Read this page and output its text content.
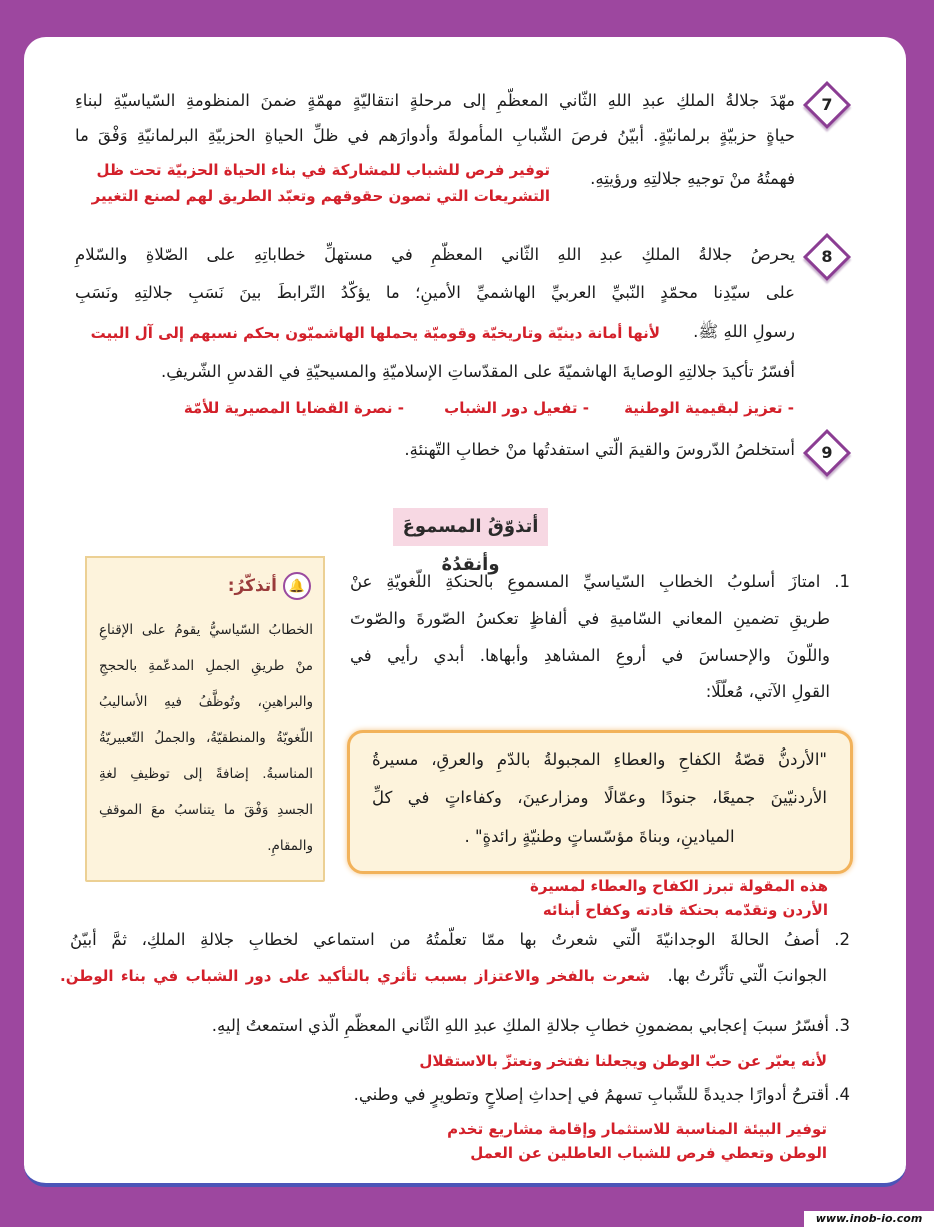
7
مهّدَ جلالةُ الملكِ عبدِ اللهِ الثّاني المعظّمِ إلى مرحلةٍ انتقاليّةٍ مهمّةٍ ضمنَ المنظومةِ السّياسيّةِ لبناءِ
حياةٍ حزبيّةٍ برلمانيّةٍ. أبيّنُ فرصَ الشّبابِ المأمولةَ وأدوارَهم في ظلِّ الحياةِ الحزبيّةِ البرلمانيّةِ وَفْقَ ما
فهمتُهُ منْ توجيهِ جلالتِهِ ورؤيتِهِ.
توفير فرص للشباب للمشاركة في بناء الحياة الحزبيّة تحت ظل
التشريعات التي تصون حقوقهم وتعبّد الطريق لهم لصنع التغيير
8
يحرصُ جلالةُ الملكِ عبدِ اللهِ الثّاني المعظّمِ في مستهلِّ خطاباتِهِ على الصّلاةِ والسّلامِ
على سيّدِنا محمّدٍ النّبيِّ العربيِّ الهاشميِّ الأمينِ؛ ما يؤكّدُ التّرابطَ بينَ نَسَبِ جلالتِهِ ونَسَبِ
رسولِ اللهِ ﷺ.
لأنها أمانة دينيّة وتاريخيّة وقوميّة يحملها الهاشميّون بحكم نسبهم إلى آل البيت
أفسّرُ تأكيدَ جلالتِهِ الوصايةَ الهاشميّةَ على المقدّساتِ الإسلاميّةِ والمسيحيّةِ في القدسِ الشّريفِ.
- تعزيز لبقيمية الوطنية
- تفعيل دور الشباب
- نصرة القضايا المصيرية للأمّة
9
أستخلصُ الدّروسَ والقيمَ الّتي استفدتُها منْ خطابِ التّهنئةِ.
أتذوّقُ المسموعَ وأنقدُهُ
🔔
أتذكّرُ:
الخطابُ السّياسيُّ يقومُ على الإقناعِ
منْ طريقِ الجملِ المدعّمةِ بالحججِ
والبراهينِ، وتُوظَّفُ فيهِ الأساليبُ
اللّغويّةُ والمنطقيّةُ، والجملُ التّعبيريّةُ
المناسبةُ. إضافةً إلى توظيفِ لغةِ
الجسدِ وَفْقَ ما يتناسبُ معَ الموقفِ
والمقامِ.
1. امتازَ أسلوبُ الخطابِ السّياسيِّ المسموعِ بالحنكةِ اللّغويّةِ عنْ
طريقِ تضمينِ المعاني السّاميةِ في ألفاظٍ تعكسُ الصّورةَ والصّوتَ
واللّونَ والإحساسَ في أروعِ المشاهدِ وأبهاها. أبدي رأيي في
القولِ الآتي، مُعلّلًا:
"الأردنُّ قصّةُ الكفاحِ والعطاءِ المجبولةُ بالدّمِ والعرقِ، مسيرةُ
الأردنيّينَ جميعًا، جنودًا وعمّالًا ومزارعينَ، وكفاءاتٍ في كلِّ
الميادينِ، وبناةَ مؤسّساتٍ وطنيّةٍ رائدةٍ" .
هذه المقولة تبرز الكفاح والعطاء لمسيرة
الأردن وتقدّمه بحنكة قادته وكفاح أبنائه
2. أصفُ الحالةَ الوجدانيّةَ الّتي شعرتُ بها ممّا تعلّمتُهُ من استماعي لخطابِ جلالةِ الملكِ، ثمَّ أبيّنُ
الجوانبَ الّتي تأثّرتُ بها.
شعرت بالفخر والاعتزاز بسبب تأثري بالتأكيد على دور الشباب في بناء الوطن.
3. أفسّرُ سببَ إعجابي بمضمونِ خطابِ جلالةِ الملكِ عبدِ اللهِ الثّاني المعظّمِ الّذي استمعتُ إليهِ.
لأنه يعبّر عن حبّ الوطن ويجعلنا نفتخر ونعتزّ بالاستقلال
4. أقترحُ أدوارًا جديدةً للشّبابِ تسهمُ في إحداثِ إصلاحٍ وتطويرٍ في وطني.
توفير البيئة المناسبة للاستثمار وإقامة مشاريع تخدم
الوطن وتعطي فرص للشباب العاطلين عن العمل
www.inob-io.com
